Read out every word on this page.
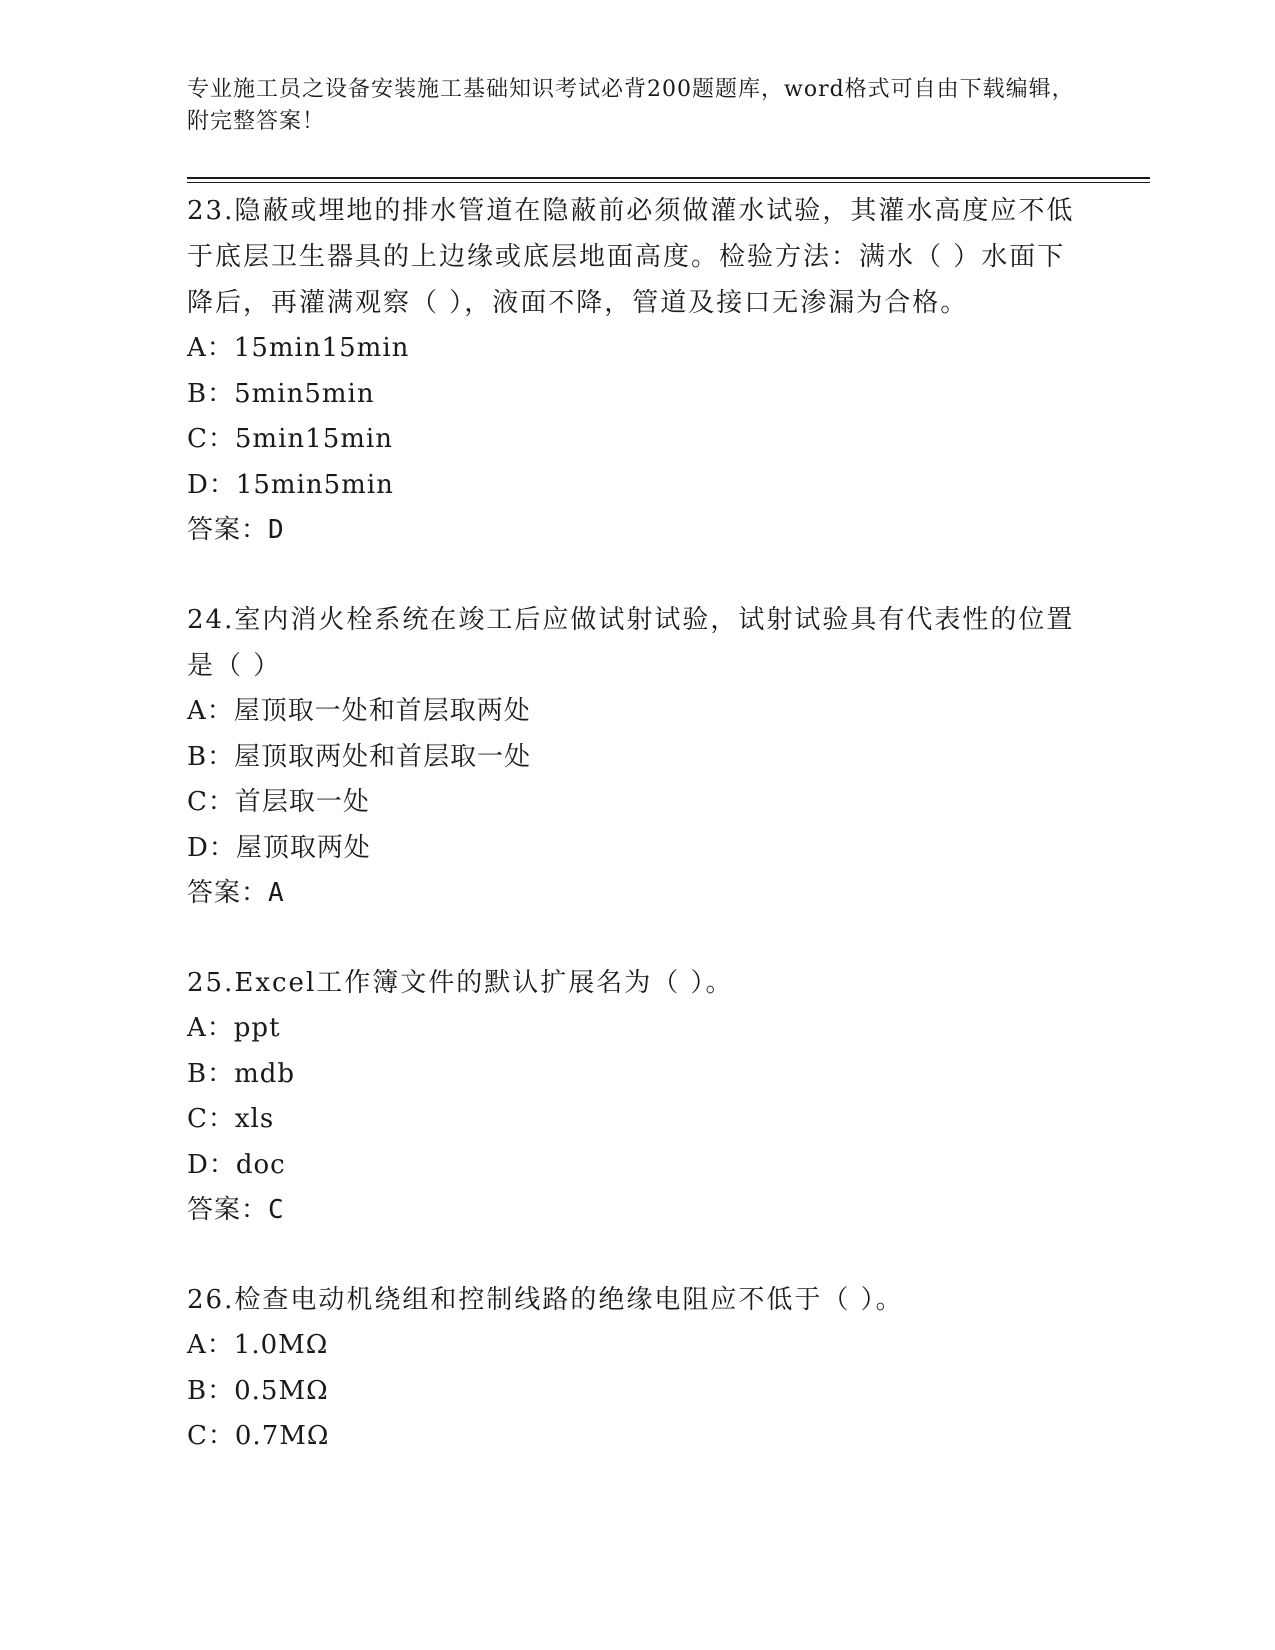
专业施工员之设备安装施工基础知识考试必背200题题库，word格式可自由下载编辑，附完整答案！

23.隐蔽或埋地的排水管道在隐蔽前必须做灌水试验，其灌水高度应不低于底层卫生器具的上边缘或底层地面高度。检验方法：满水（ ）水面下降后，再灌满观察（ ），液面不降，管道及接口无渗漏为合格。

A：15min15min

B：5min5min

C：5min15min

D：15min5min

答案：D

24.室内消火栓系统在竣工后应做试射试验，试射试验具有代表性的位置是（ ）

A：屋顶取一处和首层取两处

B：屋顶取两处和首层取一处

C：首层取一处

D：屋顶取两处

答案：A

25.Excel工作簿文件的默认扩展名为（ ）。

A：ppt

B：mdb

C：xls

D：doc

答案：C

26.检查电动机绕组和控制线路的绝缘电阻应不低于（ ）。

A：1.0MΩ

B：0.5MΩ

C：0.7MΩ
